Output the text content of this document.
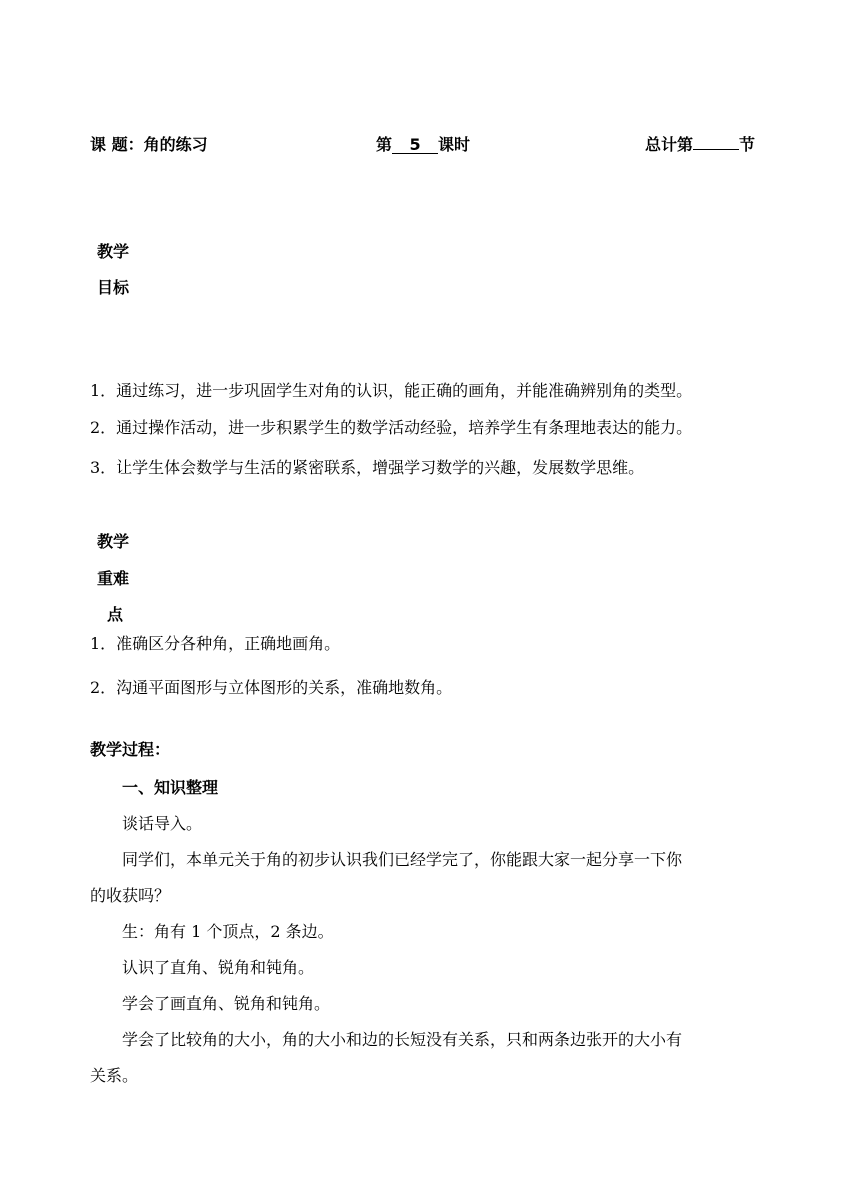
课 题：角的练习	第 5 课时	总计第	节
教学
目标
1．通过练习，进一步巩固学生对角的认识，能正确的画角，并能准确辨别角的类型。
2．通过操作活动，进一步积累学生的数学活动经验，培养学生有条理地表达的能力。
3．让学生体会数学与生活的紧密联系，增强学习数学的兴趣，发展数学思维。
教学
重难
点
1．准确区分各种角，正确地画角。
2．沟通平面图形与立体图形的关系，准确地数角。
教学过程：
一、知识整理
谈话导入。
同学们，本单元关于角的初步认识我们已经学完了，你能跟大家一起分享一下你
的收获吗？
生：角有 1 个顶点，2 条边。
认识了直角、锐角和钝角。
学会了画直角、锐角和钝角。
学会了比较角的大小，角的大小和边的长短没有关系，只和两条边张开的大小有
关系。
